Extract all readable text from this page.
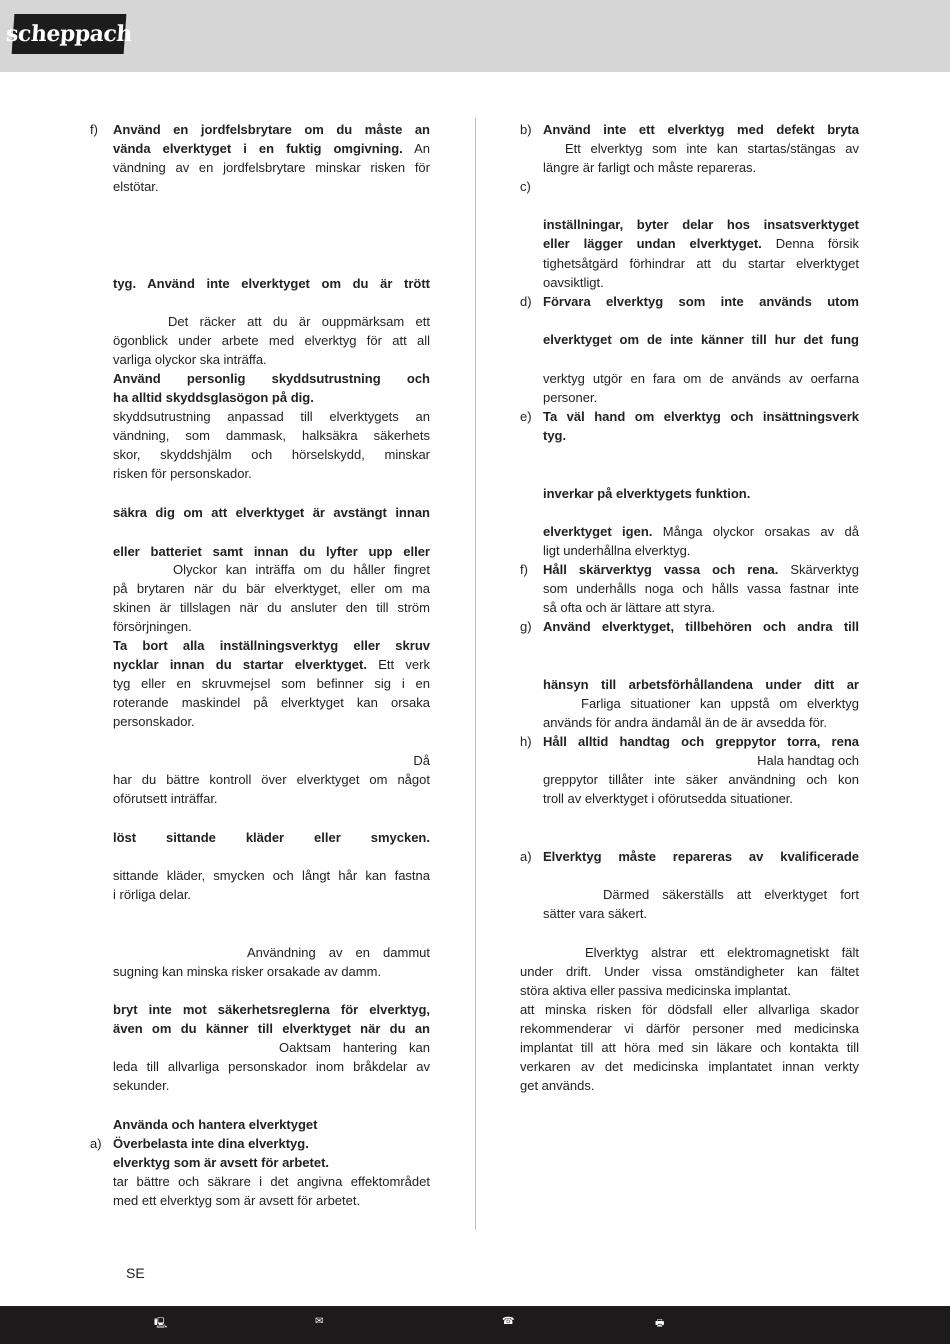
scheppach
f) Använd en jordfelsbrytare om du måste an
vända elverktyget i en fuktig omgivning. An
vändning av en jordfelsbrytare minskar risken för
elstötar.
tyg. Använd inte elverktyget om du är trött
Det räcker att du är ouppmärksam ett
ögonblick under arbete med elverktyg för att all
varliga olyckor ska inträffa.
Använd personlig skyddsutrustning och
ha alltid skyddsglasögon på dig.
skyddsutrustning anpassad till elverktygets an
vändning, som dammask, halksäkra säkerhets
skor, skyddshjälm och hörselskydd, minskar
risken för personskador.
säkra dig om att elverktyget är avstängt innan
eller batteriet samt innan du lyfter upp eller
Olyckor kan inträffa om du håller fingret
på brytaren när du bär elverktyget, eller om ma
skinen är tillslagen när du ansluter den till ström
försörjningen.
Ta bort alla inställningsverktyg eller skruv
nycklar innan du startar elverktyget. Ett verk
tyg eller en skruvmejsel som befinner sig i en
roterande maskindel på elverktyget kan orsaka
personskador.
Då
har du bättre kontroll över elverktyget om något
oförutsett inträffar.
löst sittande kläder eller smycken.
sittande kläder, smycken och långt hår kan fastna
i rörliga delar.
Användning av en dammut
sugning kan minska risker orsakade av damm.
bryt inte mot säkerhetsreglerna för elverktyg,
även om du känner till elverktyget när du an
Oaktsam hantering kan
leda till allvarliga personskador inom bråkdelar av
sekunder.
Använda och hantera elverktyget
a) Överbelasta inte dina elverktyg.
elverktyg som är avsett för arbetet.
tar bättre och säkrare i det angivna effektområdet
med ett elverktyg som är avsett för arbetet.
b) Använd inte ett elverktyg med defekt bryta
Ett elverktyg som inte kan startas/stängas av
längre är farligt och måste repareras.
c)
inställningar, byter delar hos insatsverktyget
eller lägger undan elverktyget. Denna försik
tighetsåtgärd förhindrar att du startar elverktyget
oavsiktligt.
d) Förvara elverktyg som inte används utom
elverktyget om de inte känner till hur det fung
verktyg utgör en fara om de används av oerfarna
personer.
e) Ta väl hand om elverktyg och insättningsverk
tyg.
inverkar på elverktygets funktion.
elverktyget igen. Många olyckor orsakas av då
ligt underhållna elverktyg.
f) Håll skärverktyg vassa och rena. Skärverktyg
som underhålls noga och hålls vassa fastnar inte
så ofta och är lättare att styra.
g) Använd elverktyget, tillbehören och andra till
hänsyn till arbetsförhållandena under ditt ar
Farliga situationer kan uppstå om elverktyg
används för andra ändamål än de är avsedda för.
h) Håll alltid handtag och greppytor torra, rena
Hala handtag och
greppytor tillåter inte säker användning och kon
troll av elverktyget i oförutsedda situationer.
a) Elverktyg måste repareras av kvalificerade
Därmed säkerställs att elverktyget fort
sätter vara säkert.
Elverktyg alstrar ett elektromagnetiskt fält
under drift. Under vissa omständigheter kan fältet
störa aktiva eller passiva medicinska implantat.
att minska risken för dödsfall eller allvarliga skador
rekommenderar vi därför personer med medicinska
implantat till att höra med sin läkare och kontakta till
verkaren av det medicinska implantatet innan verkty
get används.
SE
🖳	✉	☎	🖶
